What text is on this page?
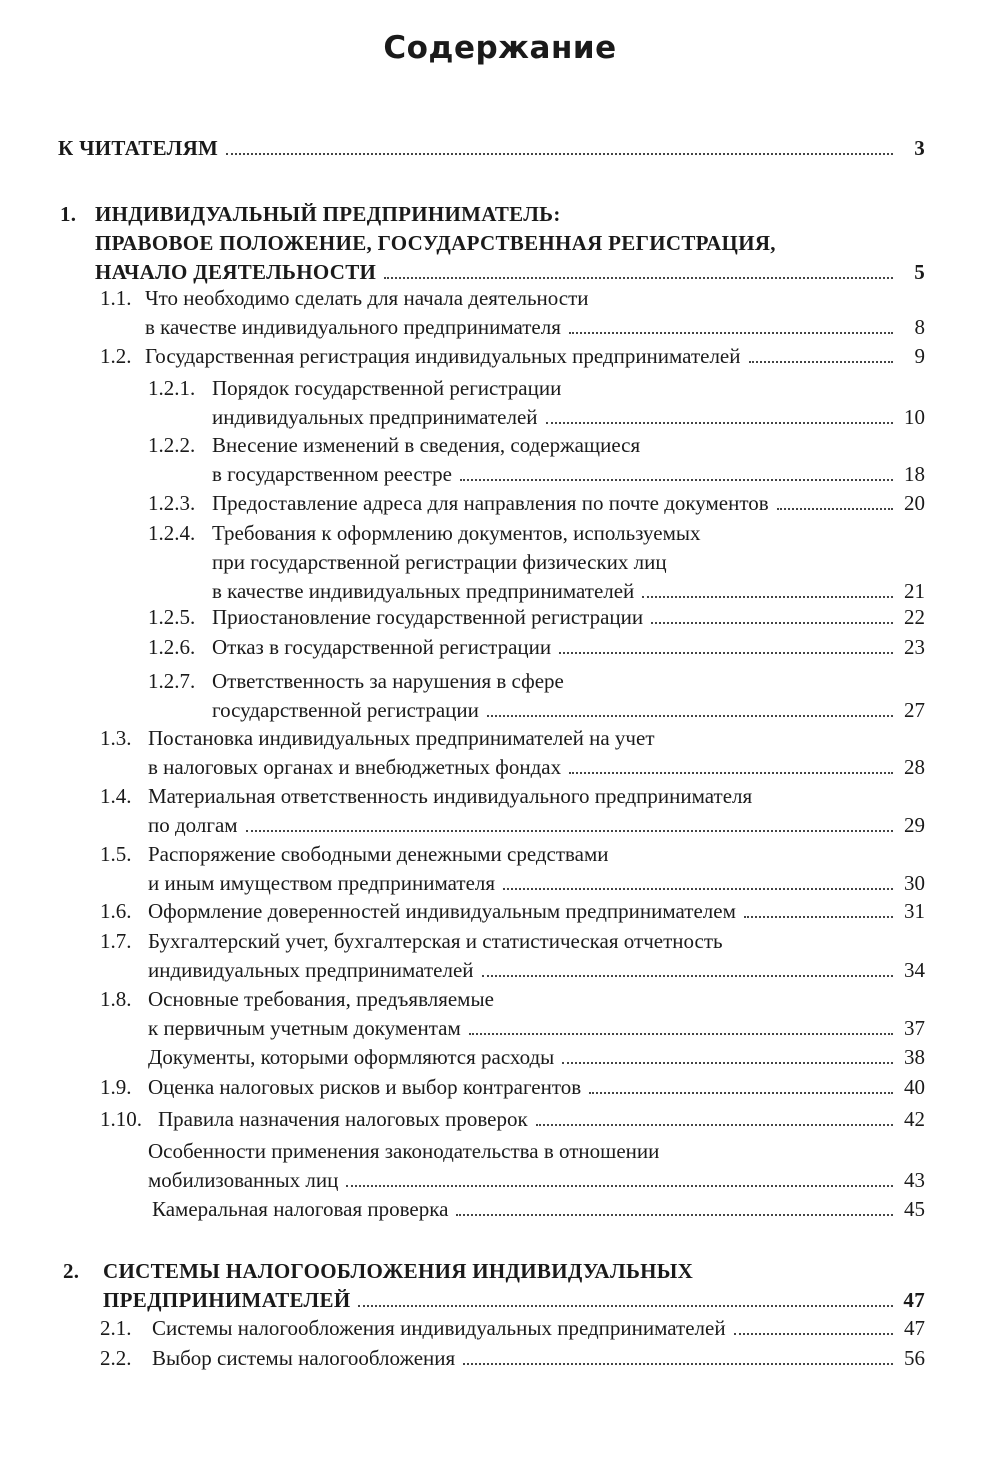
Содержание
К ЧИТАТЕЛЯМ	3
1. ИНДИВИДУАЛЬНЫЙ ПРЕДПРИНИМАТЕЛЬ:
ПРАВОВОЕ ПОЛОЖЕНИЕ, ГОСУДАРСТВЕННАЯ РЕГИСТРАЦИЯ,
НАЧАЛО ДЕЯТЕЛЬНОСТИ	5
1.1. Что необходимо сделать для начала деятельности
в качестве индивидуального предпринимателя	8
1.2. Государственная регистрация индивидуальных предпринимателей	9
1.2.1. Порядок государственной регистрации
индивидуальных предпринимателей	10
1.2.2. Внесение изменений в сведения, содержащиеся
в государственном реестре	18
1.2.3. Предоставление адреса для направления по почте документов	20
1.2.4. Требования к оформлению документов, используемых
при государственной регистрации физических лиц
в качестве индивидуальных предпринимателей	21
1.2.5. Приостановление государственной регистрации	22
1.2.6. Отказ в государственной регистрации	23
1.2.7. Ответственность за нарушения в сфере
государственной регистрации	27
1.3. Постановка индивидуальных предпринимателей на учет
в налоговых органах и внебюджетных фондах	28
1.4. Материальная ответственность индивидуального предпринимателя
по долгам	29
1.5. Распоряжение свободными денежными средствами
и иным имуществом предпринимателя	30
1.6. Оформление доверенностей индивидуальным предпринимателем	31
1.7. Бухгалтерский учет, бухгалтерская и статистическая отчетность
индивидуальных предпринимателей	34
1.8. Основные требования, предъявляемые
к первичным учетным документам	37
Документы, которыми оформляются расходы	38
1.9. Оценка налоговых рисков и выбор контрагентов	40
1.10. Правила назначения налоговых проверок	42
Особенности применения законодательства в отношении
мобилизованных лиц	43
Камеральная налоговая проверка	45
2. СИСТЕМЫ НАЛОГООБЛОЖЕНИЯ ИНДИВИДУАЛЬНЫХ
ПРЕДПРИНИМАТЕЛЕЙ	47
2.1. Системы налогообложения индивидуальных предпринимателей	47
2.2. Выбор системы налогообложения	56
